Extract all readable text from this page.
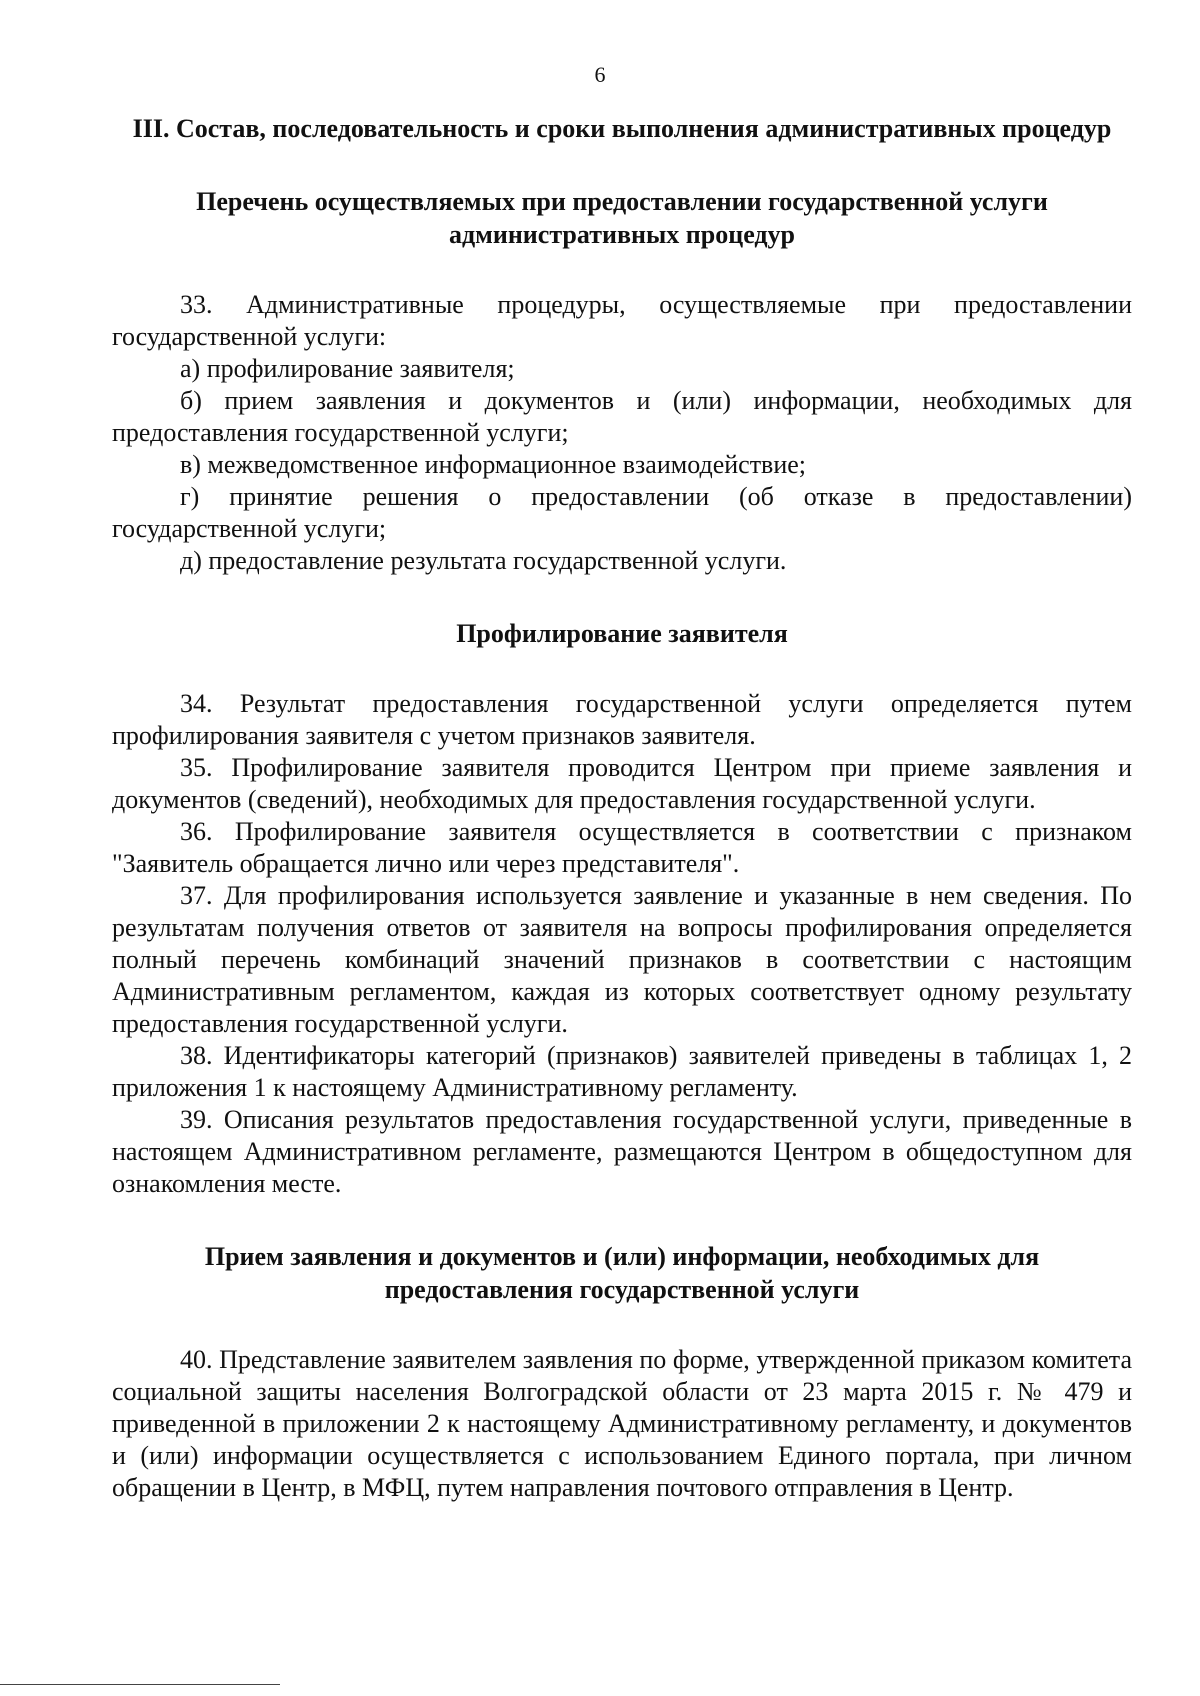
6
III. Состав, последовательность и сроки выполнения административных процедур
Перечень осуществляемых при предоставлении государственной услуги административных процедур

33. Административные процедуры, осуществляемые при предоставлении государственной услуги:

а) профилирование заявителя;

б) прием заявления и документов и (или) информации, необходимых для предоставления государственной услуги;

в) межведомственное информационное взаимодействие;

г) принятие решения о предоставлении (об отказе в предоставлении) государственной услуги;

д) предоставление результата государственной услуги.

Профилирование заявителя

34. Результат предоставления государственной услуги определяется путем профилирования заявителя с учетом признаков заявителя.

35. Профилирование заявителя проводится Центром при приеме заявления и документов (сведений), необходимых для предоставления государственной услуги.

36. Профилирование заявителя осуществляется в соответствии с признаком "Заявитель обращается лично или через представителя".

37. Для профилирования используется заявление и указанные в нем сведения. По результатам получения ответов от заявителя на вопросы профилирования определяется полный перечень комбинаций значений признаков в соответствии с настоящим Административным регламентом, каждая из которых соответствует одному результату предоставления государственной услуги.

38. Идентификаторы категорий (признаков) заявителей приведены в таблицах 1, 2 приложения 1 к настоящему Административному регламенту.

39. Описания результатов предоставления государственной услуги, приведенные в настоящем Административном регламенте, размещаются Центром в общедоступном для ознакомления месте.

Прием заявления и документов и (или) информации, необходимых для предоставления государственной услуги

40. Представление заявителем заявления по форме, утвержденной приказом комитета социальной защиты населения Волгоградской области от 23 марта 2015 г. № 479 и приведенной в приложении 2 к настоящему Административному регламенту, и документов и (или) информации осуществляется с использованием Единого портала, при личном обращении в Центр, в МФЦ, путем направления почтового отправления в Центр.
